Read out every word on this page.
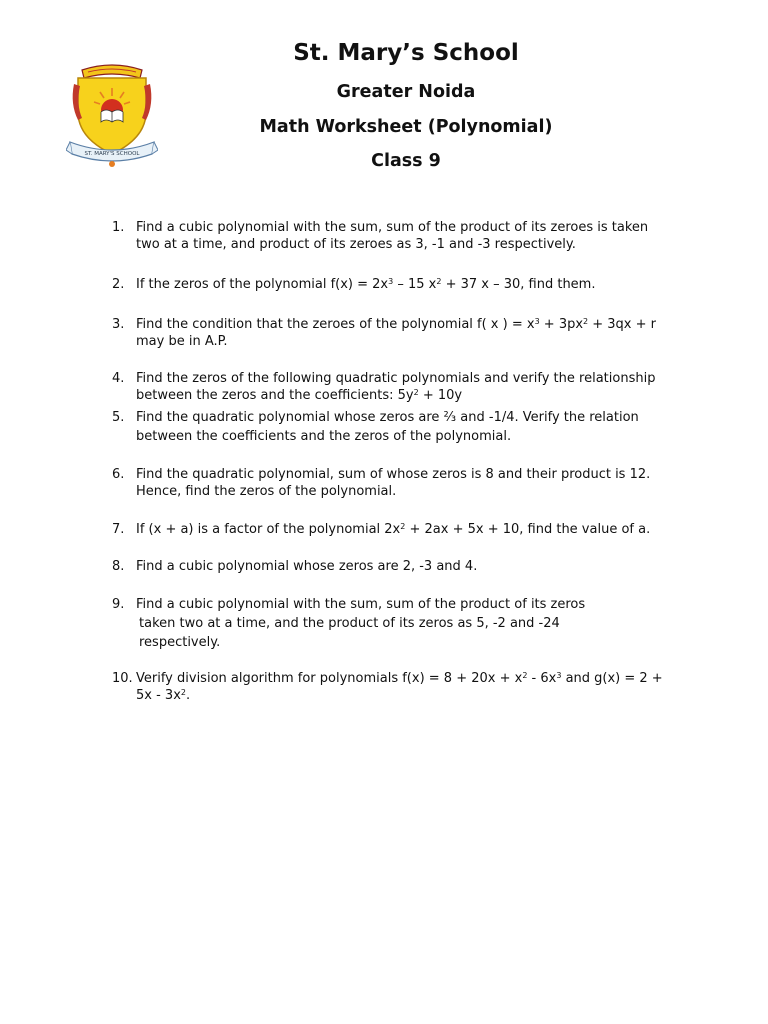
ST. MARY'S SCHOOL
St. Mary’s School
Greater Noida
Math Worksheet (Polynomial)
Class 9
1. Find a cubic polynomial with the sum, sum of the product of its zeroes is taken
two at a time, and product of its zeroes as 3, -1 and -3 respectively.
2. If the zeros of the polynomial $f(x) = 2x^3 - 15$ $x^2 + 37$ x – 30, find them.
3. Find the condition that the zeroes of the polynomial f( x ) = $x^3 + 3px^2 + 3qx + r$
may be in A.P.
4. Find the zeros of the following quadratic polynomials and verify the relationship
between the zeros and the coefficients: $5y^2 + 10y$
5. Find the quadratic polynomial whose zeros are ⅔ and -1/4. Verify the relation
between the coefficients and the zeros of the polynomial.
6. Find the quadratic polynomial, sum of whose zeros is 8 and their product is 12.
Hence, find the zeros of the polynomial.
7. If (x + a) is a factor of the polynomial $2x^2 + 2ax + 5x + 10$, find the value of a.
8. Find a cubic polynomial whose zeros are 2, -3 and 4.
9. Find a cubic polynomial with the sum, sum of the product of its zeros
taken two at a time, and the product of its zeros as 5, -2 and -24
respectively.
10. Verify division algorithm for polynomials $f(x) = 8 + 20x + x^2 - 6x^3$ and g(x) = 2 +
$5x - 3x^2$.
